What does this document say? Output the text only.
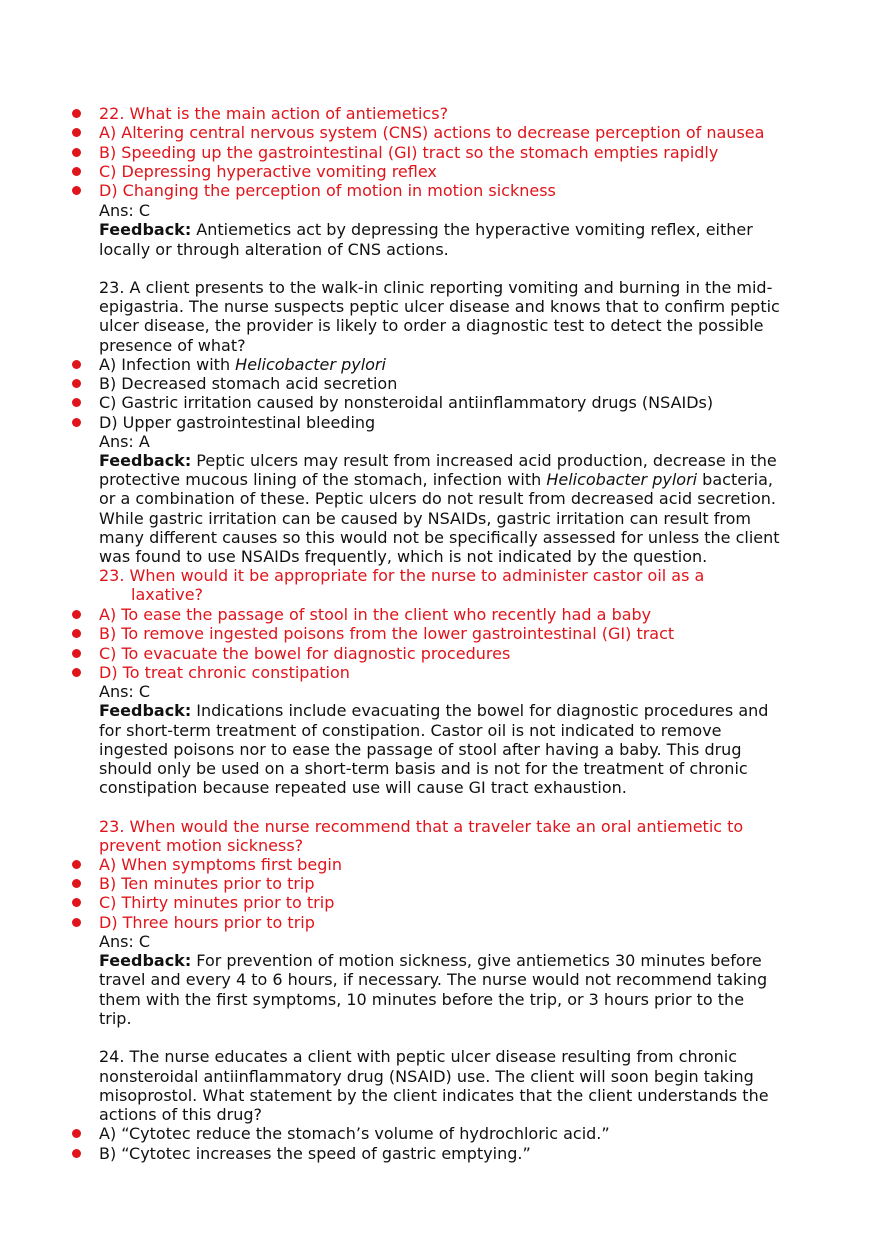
22. What is the main action of antiemetics?
A) Altering central nervous system (CNS) actions to decrease perception of nausea
B) Speeding up the gastrointestinal (GI) tract so the stomach empties rapidly
C) Depressing hyperactive vomiting reflex
D) Changing the perception of motion in motion sickness
Ans: C
Feedback: Antiemetics act by depressing the hyperactive vomiting reflex, either
locally or through alteration of CNS actions.
23. A client presents to the walk-in clinic reporting vomiting and burning in the mid-
epigastria. The nurse suspects peptic ulcer disease and knows that to confirm peptic
ulcer disease, the provider is likely to order a diagnostic test to detect the possible
presence of what?
A) Infection with Helicobacter pylori
B) Decreased stomach acid secretion
C) Gastric irritation caused by nonsteroidal antiinflammatory drugs (NSAIDs)
D) Upper gastrointestinal bleeding
Ans: A
Feedback: Peptic ulcers may result from increased acid production, decrease in the
protective mucous lining of the stomach, infection with Helicobacter pylori bacteria,
or a combination of these. Peptic ulcers do not result from decreased acid secretion.
While gastric irritation can be caused by NSAIDs, gastric irritation can result from
many different causes so this would not be specifically assessed for unless the client
was found to use NSAIDs frequently, which is not indicated by the question.
23. When would it be appropriate for the nurse to administer castor oil as a
laxative?
A) To ease the passage of stool in the client who recently had a baby
B) To remove ingested poisons from the lower gastrointestinal (GI) tract
C) To evacuate the bowel for diagnostic procedures
D) To treat chronic constipation
Ans: C
Feedback: Indications include evacuating the bowel for diagnostic procedures and
for short-term treatment of constipation. Castor oil is not indicated to remove
ingested poisons nor to ease the passage of stool after having a baby. This drug
should only be used on a short-term basis and is not for the treatment of chronic
constipation because repeated use will cause GI tract exhaustion.
23. When would the nurse recommend that a traveler take an oral antiemetic to
prevent motion sickness?
A) When symptoms first begin
B) Ten minutes prior to trip
C) Thirty minutes prior to trip
D) Three hours prior to trip
Ans: C
Feedback: For prevention of motion sickness, give antiemetics 30 minutes before
travel and every 4 to 6 hours, if necessary. The nurse would not recommend taking
them with the first symptoms, 10 minutes before the trip, or 3 hours prior to the
trip.
24. The nurse educates a client with peptic ulcer disease resulting from chronic
nonsteroidal antiinflammatory drug (NSAID) use. The client will soon begin taking
misoprostol. What statement by the client indicates that the client understands the
actions of this drug?
A) “Cytotec reduce the stomach’s volume of hydrochloric acid.”
B) “Cytotec increases the speed of gastric emptying.”
